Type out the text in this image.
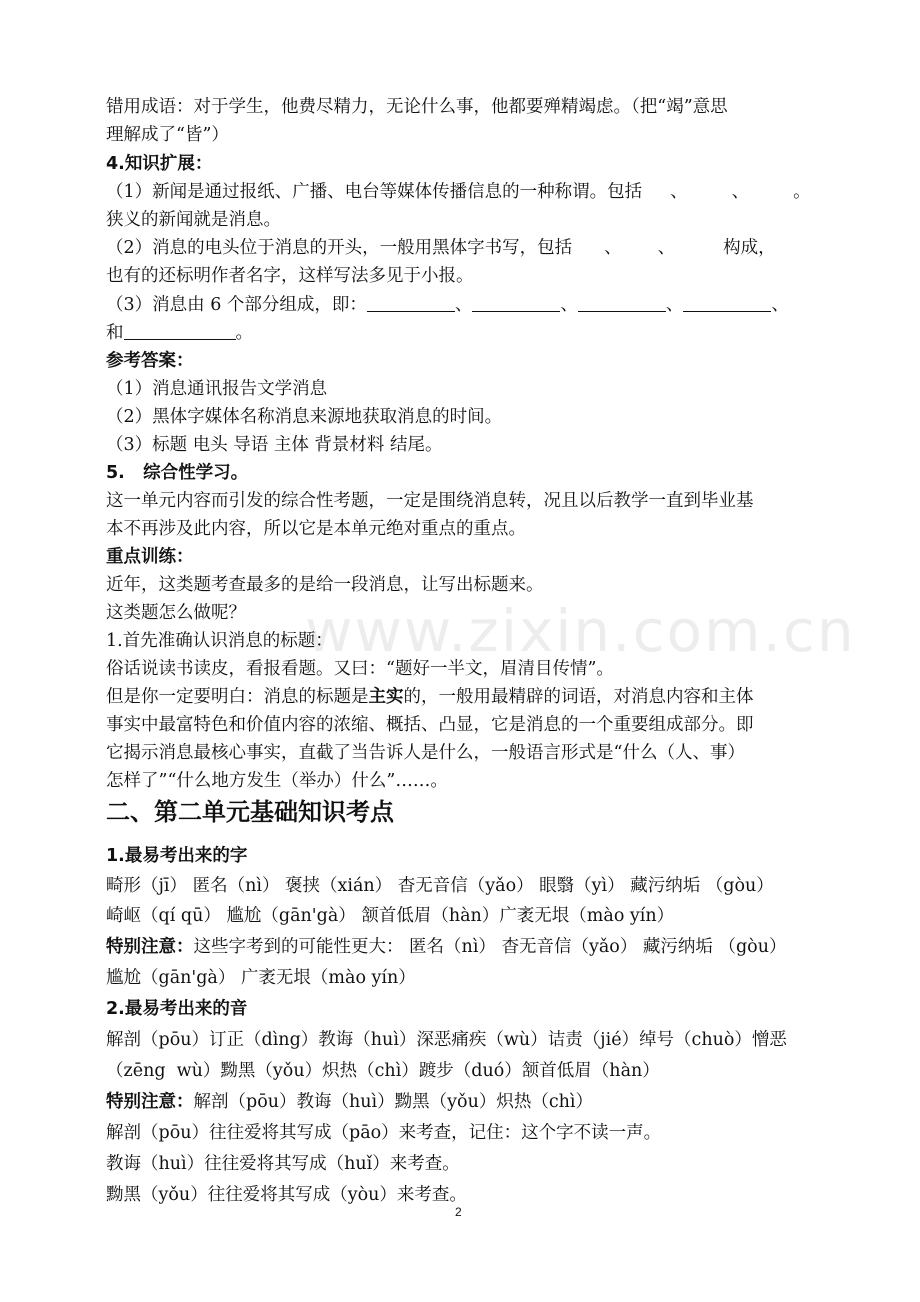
www.zixin.com.cn
错用成语：对于学生，他费尽精力，无论什么事，他都要殚精竭虑。（把“竭”意思
理解成了“皆”）
4.知识扩展：
（1）新闻是通过报纸、广播、电台等媒体传播信息的一种称谓。包括 、	、	。
狭义的新闻就是消息。
（2）消息的电头位于消息的开头，一般用黑体字书写，包括 、 、	构成，
也有的还标明作者名字，这样写法多见于小报。
（3）消息由 6 个部分组成，即：	、	、	、	、
和	。
参考答案：
（1）消息通讯报告文学消息
（2）黑体字媒体名称消息来源地获取消息的时间。
（3）标题 电头 导语 主体 背景材料 结尾。
5.   综合性学习。
这一单元内容而引发的综合性考题，一定是围绕消息转，况且以后教学一直到毕业基
本不再涉及此内容，所以它是本单元绝对重点的重点。
重点训练：
近年，这类题考查最多的是给一段消息，让写出标题来。
这类题怎么做呢？
1.首先准确认识消息的标题：
俗话说读书读皮，看报看题。又曰：“题好一半文，眉清目传情”。
但是你一定要明白：消息的标题是主实的，一般用最精辟的词语，对消息内容和主体
事实中最富特色和价值内容的浓缩、概括、凸显，它是消息的一个重要组成部分。即
它揭示消息最核心事实，直截了当告诉人是什么，一般语言形式是“什么（人、事）
怎样了”“什么地方发生（举办）什么”……。
二、第二单元基础知识考点
1.最易考出来的字
畸形（jī） 匿名（nì） 褒挟（xián） 杳无音信（yǎo） 眼翳（yì） 藏污纳垢 （gòu）
崎岖（qí qū） 尴尬（gān'gà） 颔首低眉（hàn）广袤无垠（mào yín）
特别注意：这些字考到的可能性更大： 匿名（nì） 杳无音信（yǎo） 藏污纳垢 （gòu）
尴尬（gān'gà） 广袤无垠（mào yín）
2.最易考出来的音
解剖（pōu）订正（dìng）教诲（huì）深恶痛疾（wù）诘责（jié）绰号（chuò）憎恶
（zēng  wù）黝黑（yǒu）炽热（chì）踱步（duó）颔首低眉（hàn）
特别注意：解剖（pōu）教诲（huì）黝黑（yǒu）炽热（chì）
解剖（pōu）往往爱将其写成（pāo）来考查，记住：这个字不读一声。
教诲（huì）往往爱将其写成（huǐ）来考查。
黝黑（yǒu）往往爱将其写成（yòu）来考查。
2
